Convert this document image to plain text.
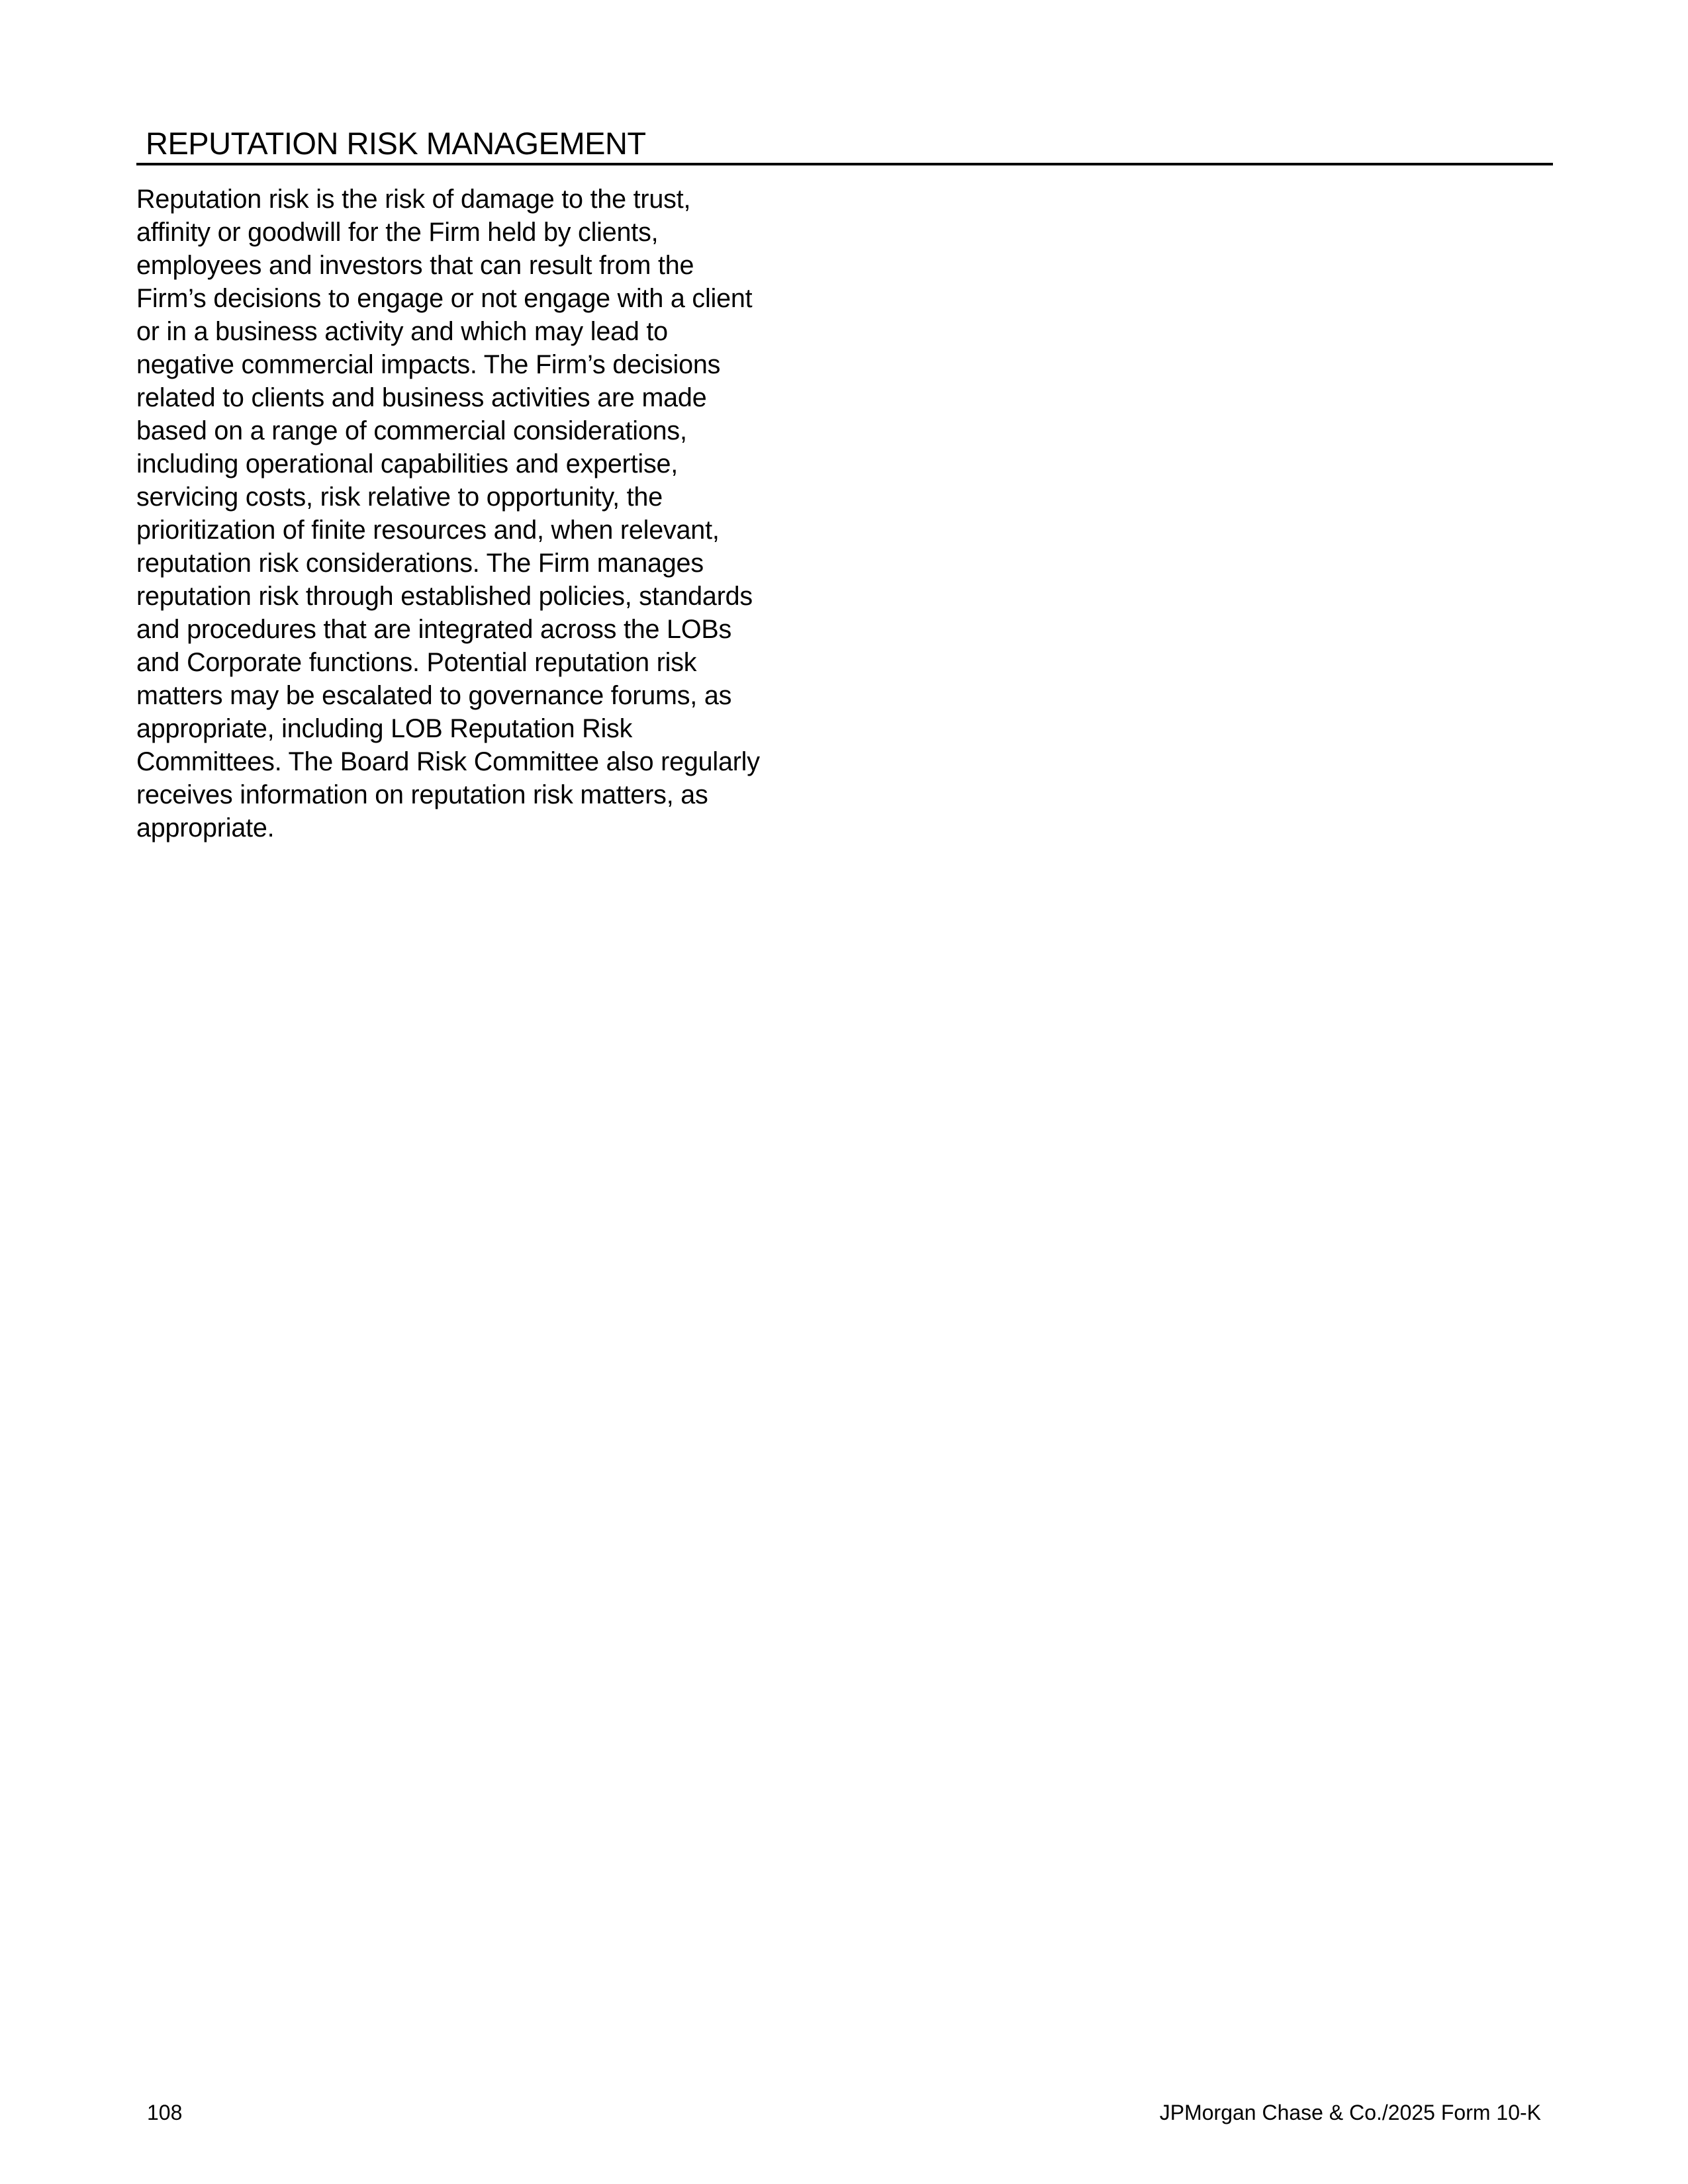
REPUTATION RISK MANAGEMENT
Reputation risk is the risk of damage to the trust,
affinity or goodwill for the Firm held by clients,
employees and investors that can result from the
Firm’s decisions to engage or not engage with a client
or in a business activity and which may lead to
negative commercial impacts. The Firm’s decisions
related to clients and business activities are made
based on a range of commercial considerations,
including operational capabilities and expertise,
servicing costs, risk relative to opportunity, the
prioritization of finite resources and, when relevant,
reputation risk considerations. The Firm manages
reputation risk through established policies, standards
and procedures that are integrated across the LOBs
and Corporate functions. Potential reputation risk
matters may be escalated to governance forums, as
appropriate, including LOB Reputation Risk
Committees. The Board Risk Committee also regularly
receives information on reputation risk matters, as
appropriate.
108	JPMorgan Chase & Co./2025 Form 10-K
